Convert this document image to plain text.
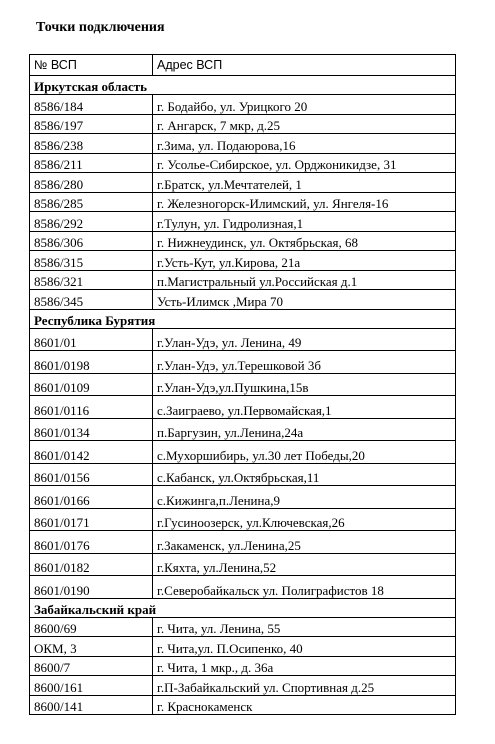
Точки подключения
№ ВСП	Адрес ВСП
Иркутская область	
8586/184	г. Бодайбо, ул. Урицкого 20
8586/197	г. Ангарск, 7 мкр, д.25
8586/238	г.Зима, ул. Подаюрова,16
8586/211	г. Усолье-Сибирское, ул. Орджоникидзе, 31
8586/280	г.Братск, ул.Мечтателей, 1
8586/285	г. Железногорск-Илимский, ул. Янгеля-16
8586/292	г.Тулун, ул. Гидролизная,1
8586/306	г. Нижнеудинск, ул. Октябрьская, 68
8586/315	г.Усть-Кут, ул.Кирова, 21а
8586/321	п.Магистральный ул.Российская д.1
8586/345	Усть-Илимск ,Мира 70
Республика Бурятия	
8601/01	г.Улан-Удэ, ул. Ленина, 49
8601/0198	г.Улан-Удэ, ул.Терешковой 3б
8601/0109	г.Улан-Удэ,ул.Пушкина,15в
8601/0116	с.Заиграево, ул.Первомайская,1
8601/0134	п.Баргузин, ул.Ленина,24а
8601/0142	с.Мухоршибирь, ул.30 лет Победы,20
8601/0156	с.Кабанск, ул.Октябрьская,11
8601/0166	с.Кижинга,п.Ленина,9
8601/0171	г.Гусиноозерск, ул.Ключевская,26
8601/0176	г.Закаменск, ул.Ленина,25
8601/0182	г.Кяхта, ул.Ленина,52
8601/0190	г.Северобайкальск ул. Полиграфистов 18
Забайкальский край	
8600/69	г. Чита, ул. Ленина, 55
ОКМ, 3	г. Чита,ул. П.Осипенко, 40
8600/7	г. Чита, 1 мкр., д. 36а
8600/161	г.П-Забайкальский ул. Спортивная д.25
8600/141	г. Краснокаменск
